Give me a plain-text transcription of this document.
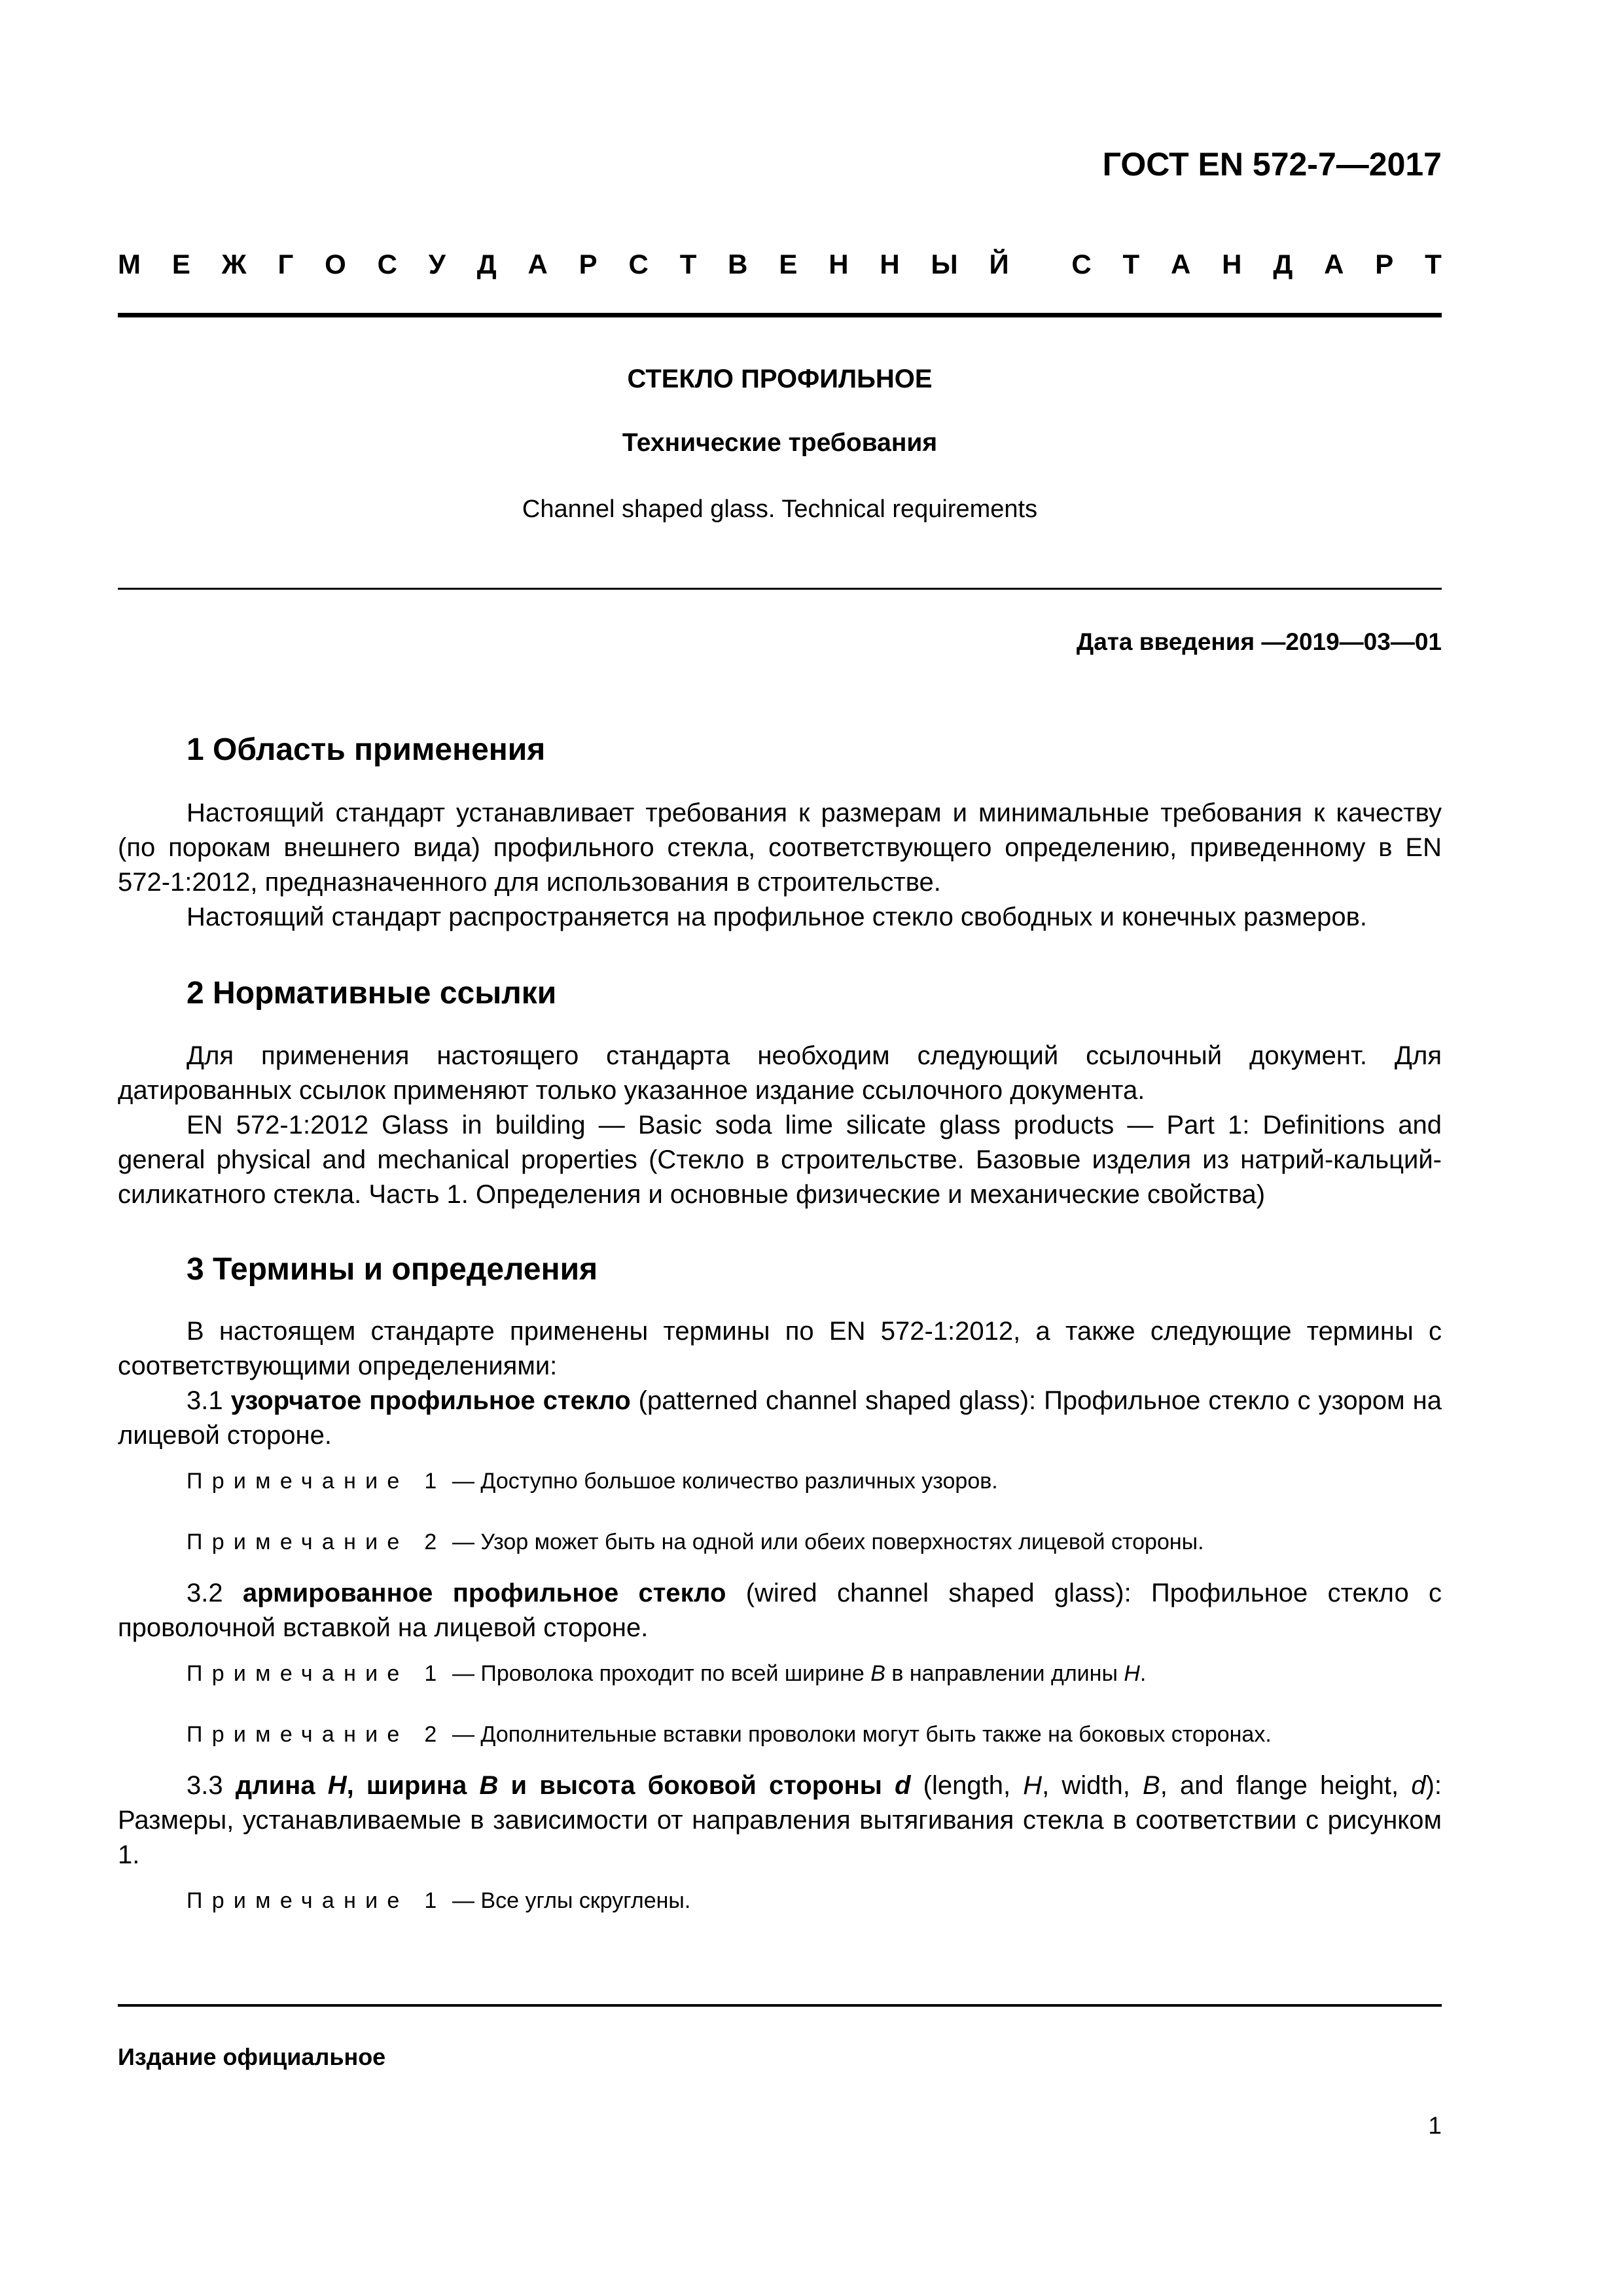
ГОСТ EN 572-7—2017
М Е Ж Г О С У Д А Р С Т В Е Н Н Ы Й С Т А Н Д А Р Т
СТЕКЛО ПРОФИЛЬНОЕ
Технические требования
Channel shaped glass. Technical requirements
Дата введения —2019—03—01
1 Область применения

Настоящий стандарт устанавливает требования к размерам и минимальные требования к качеству (по порокам внешнего вида) профильного стекла, соответствующего определению, приведенному в EN 572-1:2012, предназначенного для использования в строительстве.

Настоящий стандарт распространяется на профильное стекло свободных и конечных размеров.

2 Нормативные ссылки

Для применения настоящего стандарта необходим следующий ссылочный документ. Для датированных ссылок применяют только указанное издание ссылочного документа.

EN 572-1:2012 Glass in building — Basic soda lime silicate glass products — Part 1: Definitions and general physical and mechanical properties (Стекло в строительстве. Базовые изделия из натрий-кальций-силикатного стекла. Часть 1. Определения и основные физические и механические свойства)

3 Термины и определения

В настоящем стандарте применены термины по EN 572-1:2012, а также следующие термины с соответствующими определениями:

3.1 узорчатое профильное стекло (patterned channel shaped glass): Профильное стекло с узором на лицевой стороне.

Примечание 1 — Доступно большое количество различных узоров.

Примечание 2 — Узор может быть на одной или обеих поверхностях лицевой стороны.

3.2 армированное профильное стекло (wired channel shaped glass): Профильное стекло с проволочной вставкой на лицевой стороне.

Примечание 1 — Проволока проходит по всей ширине B в направлении длины H.

Примечание 2 — Дополнительные вставки проволоки могут быть также на боковых сторонах.

3.3 длина H, ширина B и высота боковой стороны d (length, H, width, B, and flange height, d): Размеры, устанавливаемые в зависимости от направления вытягивания стекла в соответствии с рисунком 1.

Примечание 1 — Все углы скруглены.

Издание официальное
1
